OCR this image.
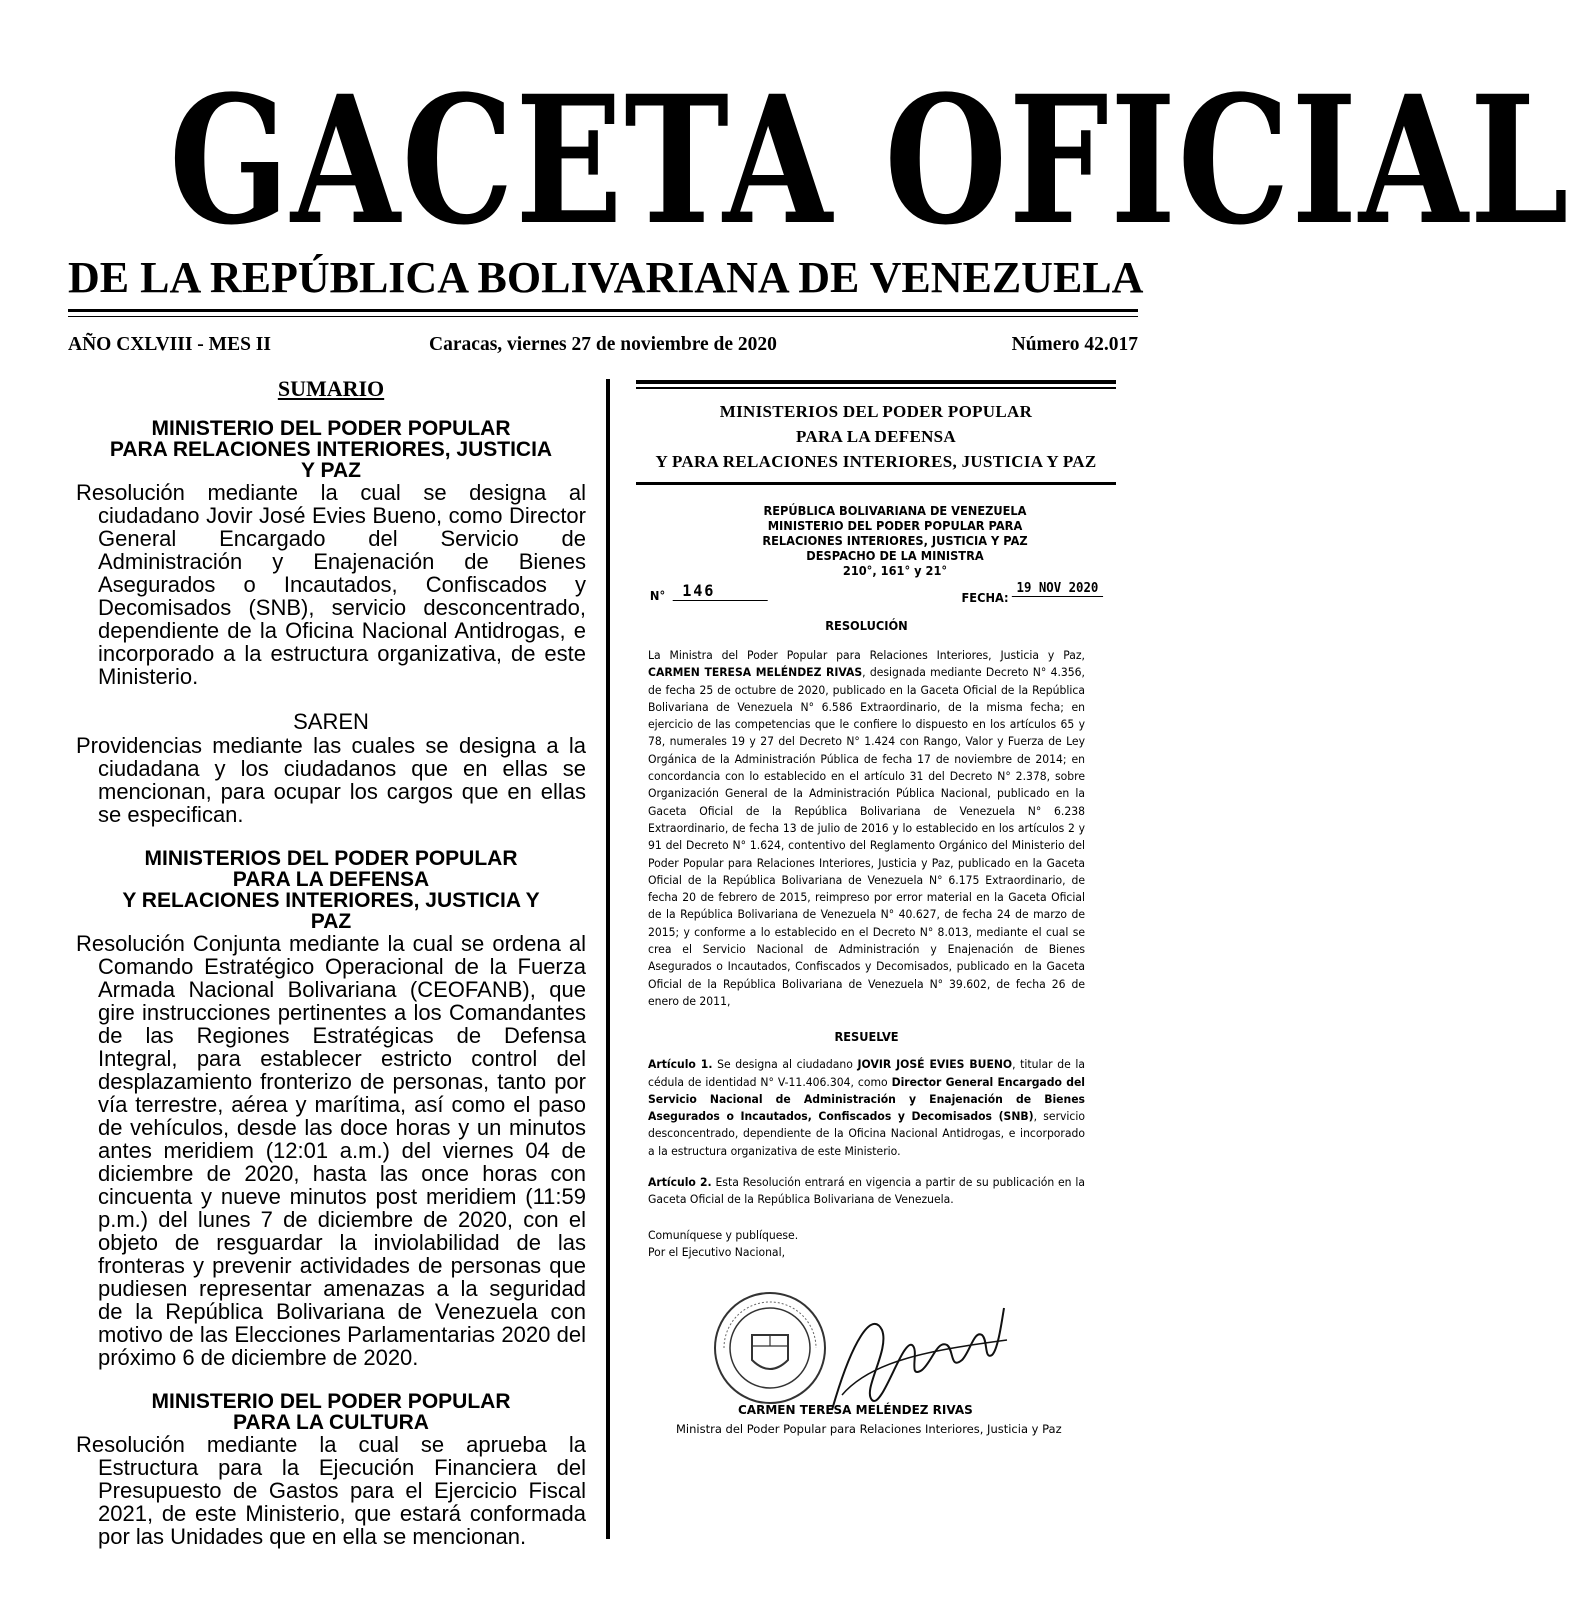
GACETA OFICIAL
DE LA REPÚBLICA BOLIVARIANA DE VENEZUELA
AÑO CXLVIII - MES II	Caracas, viernes 27 de noviembre de 2020	Número 42.017
SUMARIO
MINISTERIO DEL PODER POPULAR
PARA RELACIONES INTERIORES, JUSTICIA
Y PAZ

Resolución mediante la cual se designa al ciudadano Jovir José Evies Bueno, como Director General Encargado del Servicio de Administración y Enajenación de Bienes Asegurados o Incautados, Confiscados y Decomisados (SNB), servicio desconcentrado, dependiente de la Oficina Nacional Antidrogas, e incorporado a la estructura organizativa, de este Ministerio.

SAREN

Providencias mediante las cuales se designa a la ciudadana y los ciudadanos que en ellas se mencionan, para ocupar los cargos que en ellas se especifican.

MINISTERIOS DEL PODER POPULAR
PARA LA DEFENSA
Y RELACIONES INTERIORES, JUSTICIA Y
PAZ

Resolución Conjunta mediante la cual se ordena al Comando Estratégico Operacional de la Fuerza Armada Nacional Bolivariana (CEOFANB), que gire instrucciones pertinentes a los Comandantes de las Regiones Estratégicas de Defensa Integral, para establecer estricto control del desplazamiento fronterizo de personas, tanto por vía terrestre, aérea y marítima, así como el paso de vehículos, desde las doce horas y un minutos antes meridiem (12:01 a.m.) del viernes 04 de diciembre de 2020, hasta las once horas con cincuenta y nueve minutos post meridiem (11:59 p.m.) del lunes 7 de diciembre de 2020, con el objeto de resguardar la inviolabilidad de las fronteras y prevenir actividades de personas que pudiesen representar amenazas a la seguridad de la República Bolivariana de Venezuela con motivo de las Elecciones Parlamentarias 2020 del próximo 6 de diciembre de 2020.

MINISTERIO DEL PODER POPULAR
PARA LA CULTURA

Resolución mediante la cual se aprueba la Estructura para la Ejecución Financiera del Presupuesto de Gastos para el Ejercicio Fiscal 2021, de este Ministerio, que estará conformada por las Unidades que en ella se mencionan.

MINISTERIOS DEL PODER POPULAR
PARA LA DEFENSA
Y PARA RELACIONES INTERIORES, JUSTICIA Y PAZ
REPÚBLICA BOLIVARIANA DE VENEZUELA
MINISTERIO DEL PODER POPULAR PARA
RELACIONES INTERIORES, JUSTICIA Y PAZ
DESPACHO DE LA MINISTRA
210°, 161° y 21°
N°	146	FECHA:
19 NOV 2020
RESOLUCIÓN

La Ministra del Poder Popular para Relaciones Interiores, Justicia y Paz, CARMEN TERESA MELÉNDEZ RIVAS, designada mediante Decreto N° 4.356, de fecha 25 de octubre de 2020, publicado en la Gaceta Oficial de la República Bolivariana de Venezuela N° 6.586 Extraordinario, de la misma fecha; en ejercicio de las competencias que le confiere lo dispuesto en los artículos 65 y 78, numerales 19 y 27 del Decreto N° 1.424 con Rango, Valor y Fuerza de Ley Orgánica de la Administración Pública de fecha 17 de noviembre de 2014; en concordancia con lo establecido en el artículo 31 del Decreto N° 2.378, sobre Organización General de la Administración Pública Nacional, publicado en la Gaceta Oficial de la República Bolivariana de Venezuela N° 6.238 Extraordinario, de fecha 13 de julio de 2016 y lo establecido en los artículos 2 y 91 del Decreto N° 1.624, contentivo del Reglamento Orgánico del Ministerio del Poder Popular para Relaciones Interiores, Justicia y Paz, publicado en la Gaceta Oficial de la República Bolivariana de Venezuela N° 6.175 Extraordinario, de fecha 20 de febrero de 2015, reimpreso por error material en la Gaceta Oficial de la República Bolivariana de Venezuela N° 40.627, de fecha 24 de marzo de 2015; y conforme a lo establecido en el Decreto N° 8.013, mediante el cual se crea el Servicio Nacional de Administración y Enajenación de Bienes Asegurados o Incautados, Confiscados y Decomisados, publicado en la Gaceta Oficial de la República Bolivariana de Venezuela N° 39.602, de fecha 26 de enero de 2011,

RESUELVE

Artículo 1. Se designa al ciudadano JOVIR JOSÉ EVIES BUENO, titular de la cédula de identidad N° V-11.406.304, como Director General Encargado del Servicio Nacional de Administración y Enajenación de Bienes Asegurados o Incautados, Confiscados y Decomisados (SNB), servicio desconcentrado, dependiente de la Oficina Nacional Antidrogas, e incorporado a la estructura organizativa de este Ministerio.

Artículo 2. Esta Resolución entrará en vigencia a partir de su publicación en la Gaceta Oficial de la República Bolivariana de Venezuela.

Comuníquese y publíquese.
Por el Ejecutivo Nacional,
CARMEN TERESA MELÉNDEZ RIVAS
Ministra del Poder Popular para Relaciones Interiores, Justicia y Paz
